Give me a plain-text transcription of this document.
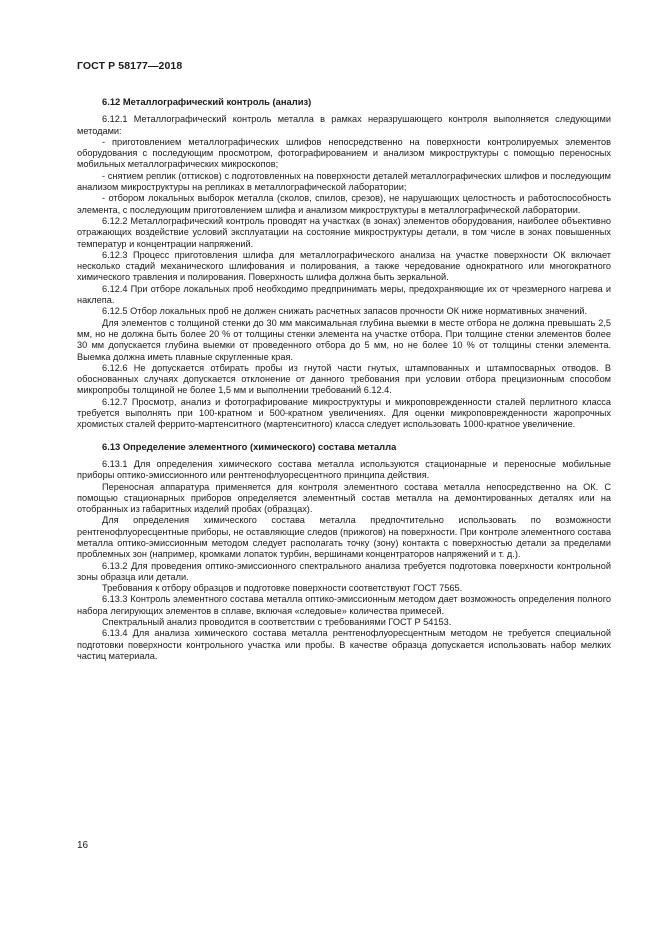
ГОСТ Р 58177—2018
6.12 Металлографический контроль (анализ)

6.12.1 Металлографический контроль металла в рамках неразрушающего контроля выполняется следующими методами:

- приготовлением металлографических шлифов непосредственно на поверхности контролируемых элементов оборудования с последующим просмотром, фотографированием и анализом микроструктуры с помощью переносных мобильных металлографических микроскопов;

- снятием реплик (оттисков) с подготовленных на поверхности деталей металлографических шлифов и последующим анализом микроструктуры на репликах в металлографической лаборатории;

- отбором локальных выборок металла (сколов, спилов, срезов), не нарушающих целостность и работоспособность элемента, с последующим приготовлением шлифа и анализом микроструктуры в металлографической лаборатории.

6.12.2 Металлографический контроль проводят на участках (в зонах) элементов оборудования, наиболее объективно отражающих воздействие условий эксплуатации на состояние микроструктуры детали, в том числе в зонах повышенных температур и концентрации напряжений.

6.12.3 Процесс приготовления шлифа для металлографического анализа на участке поверхности ОК включает несколько стадий механического шлифования и полирования, а также чередование однократного или многократного химического травления и полирования. Поверхность шлифа должна быть зеркальной.

6.12.4 При отборе локальных проб необходимо предпринимать меры, предохраняющие их от чрезмерного нагрева и наклепа.

6.12.5 Отбор локальных проб не должен снижать расчетных запасов прочности ОК ниже нормативных значений.

Для элементов с толщиной стенки до 30 мм максимальная глубина выемки в месте отбора не должна превышать 2,5 мм, но не должна быть более 20 % от толщины стенки элемента на участке отбора. При толщине стенки элементов более 30 мм допускается глубина выемки от проведенного отбора до 5 мм, но не более 10 % от толщины стенки элемента. Выемка должна иметь плавные скругленные края.

6.12.6 Не допускается отбирать пробы из гнутой части гнутых, штампованных и штампосварных отводов. В обоснованных случаях допускается отклонение от данного требования при условии отбора прецизионным способом микропробы толщиной не более 1,5 мм и выполнении требований 6.12.4.

6.12.7 Просмотр, анализ и фотографирование микроструктуры и микроповрежденности сталей перлитного класса требуется выполнять при 100-кратном и 500-кратном увеличениях. Для оценки микроповрежденности жаропрочных хромистых сталей феррито-мартенситного (мартенситного) класса следует использовать 1000-кратное увеличение.

6.13 Определение элементного (химического) состава металла

6.13.1 Для определения химического состава металла используются стационарные и переносные мобильные приборы оптико-эмиссионного или рентгенофлуоресцентного принципа действия.

Переносная аппаратура применяется для контроля элементного состава металла непосредственно на ОК. С помощью стационарных приборов определяется элементный состав металла на демонтированных деталях или на отобранных из габаритных изделий пробах (образцах).

Для определения химического состава металла предпочтительно использовать по возможности рентгенофлуоресцентные приборы, не оставляющие следов (прижогов) на поверхности. При контроле элементного состава металла оптико-эмиссионным методом следует располагать точку (зону) контакта с поверхностью детали за пределами проблемных зон (например, кромками лопаток турбин, вершинами концентраторов напряжений и т. д.).

6.13.2 Для проведения оптико-эмиссионного спектрального анализа требуется подготовка поверхности контрольной зоны образца или детали.

Требования к отбору образцов и подготовке поверхности соответствуют ГОСТ 7565.

6.13.3 Контроль элементного состава металла оптико-эмиссионным методом дает возможность определения полного набора легирующих элементов в сплаве, включая «следовые» количества примесей.

Спектральный анализ проводится в соответствии с требованиями ГОСТ Р 54153.

6.13.4 Для анализа химического состава металла рентгенофлуоресцентным методом не требуется специальной подготовки поверхности контрольного участка или пробы. В качестве образца допускается использовать набор мелких частиц материала.

16
